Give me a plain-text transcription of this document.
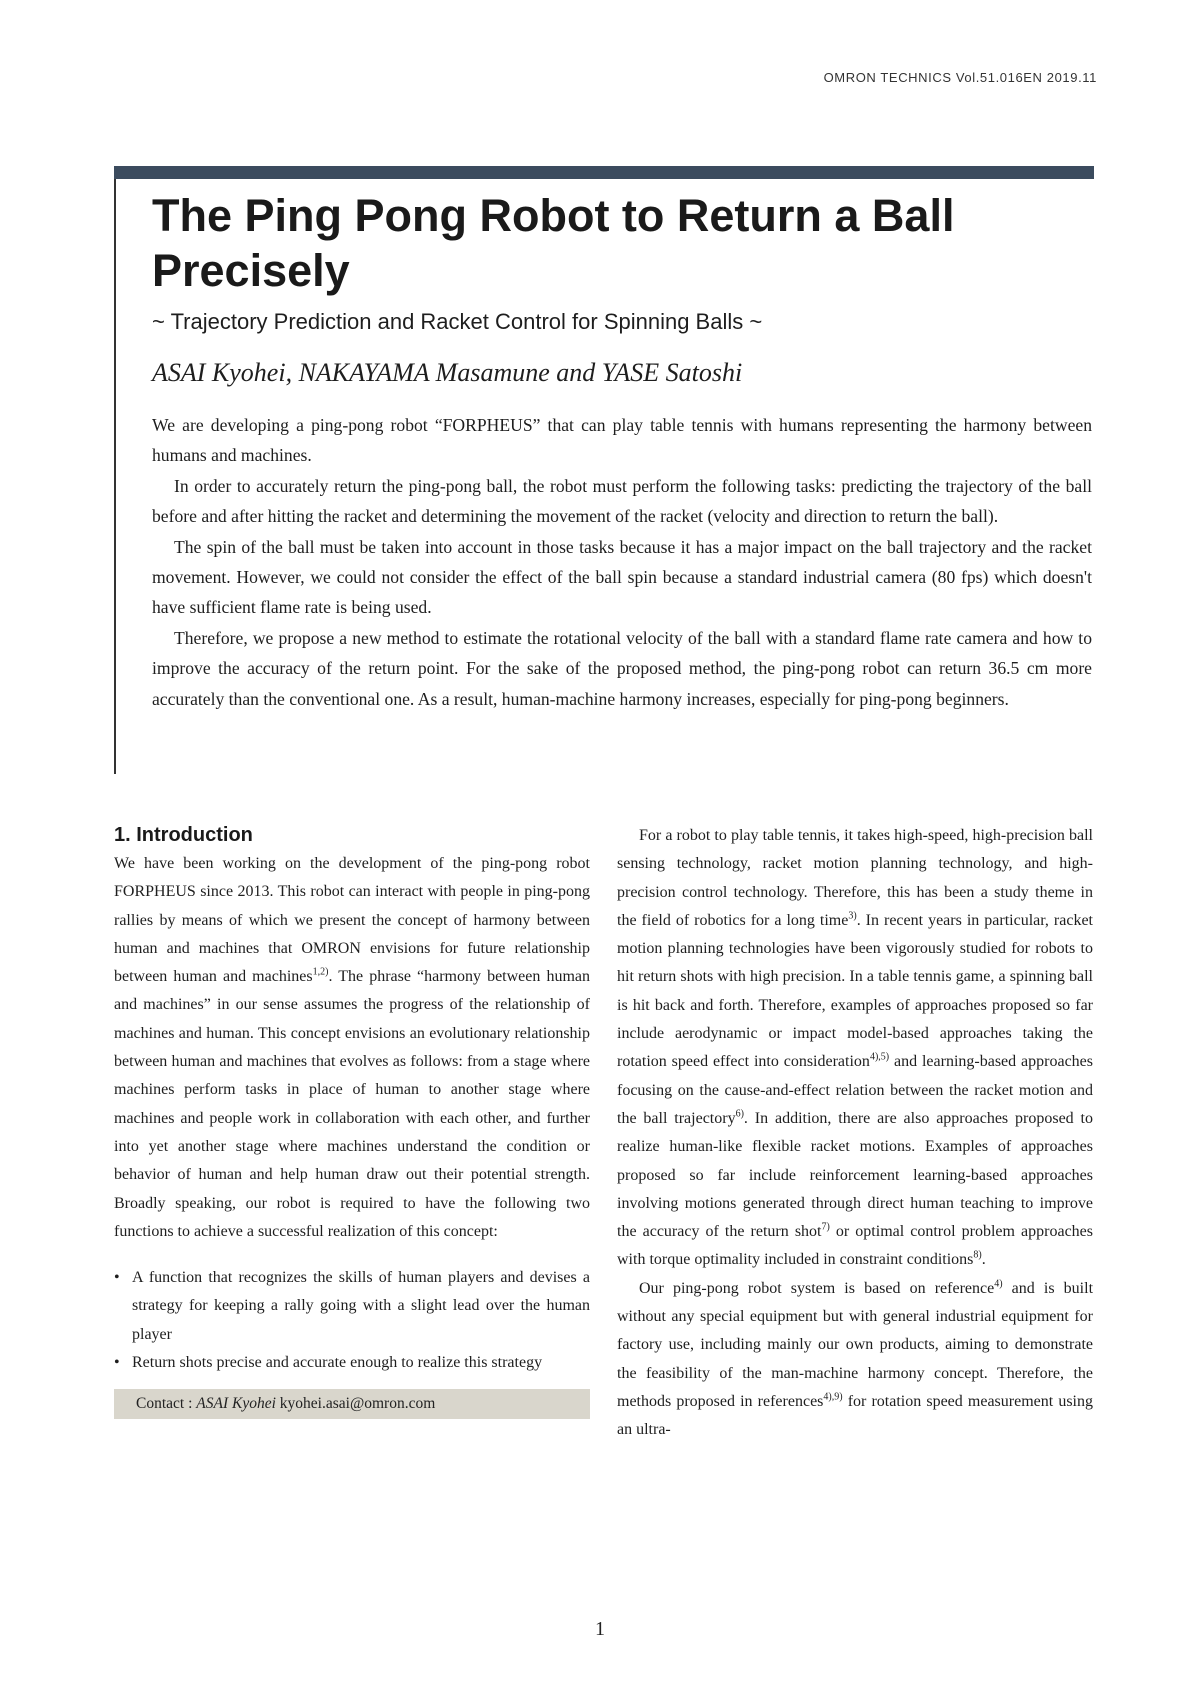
OMRON TECHNICS Vol.51.016EN 2019.11
The Ping Pong Robot to Return a Ball Precisely
~ Trajectory Prediction and Racket Control for Spinning Balls ~
ASAI Kyohei, NAKAYAMA Masamune and YASE Satoshi

We are developing a ping-pong robot “FORPHEUS” that can play table tennis with humans representing the harmony between humans and machines.

In order to accurately return the ping-pong ball, the robot must perform the following tasks: predicting the trajectory of the ball before and after hitting the racket and determining the movement of the racket (velocity and direction to return the ball).

The spin of the ball must be taken into account in those tasks because it has a major impact on the ball trajectory and the racket movement. However, we could not consider the effect of the ball spin because a standard industrial camera (80 fps) which doesn't have sufficient flame rate is being used.

Therefore, we propose a new method to estimate the rotational velocity of the ball with a standard flame rate camera and how to improve the accuracy of the return point. For the sake of the proposed method, the ping-pong robot can return 36.5 cm more accurately than the conventional one. As a result, human-machine harmony increases, especially for ping-pong beginners.

1. Introduction

We have been working on the development of the ping-pong robot FORPHEUS since 2013. This robot can interact with people in ping-pong rallies by means of which we present the concept of harmony between human and machines that OMRON envisions for future relationship between human and machines$^{1,2)}$. The phrase “harmony between human and machines” in our sense assumes the progress of the relationship of machines and human. This concept envisions an evolutionary relationship between human and machines that evolves as follows: from a stage where machines perform tasks in place of human to another stage where machines and people work in collaboration with each other, and further into yet another stage where machines understand the condition or behavior of human and help human draw out their potential strength. Broadly speaking, our robot is required to have the following two functions to achieve a successful realization of this concept:

• A function that recognizes the skills of human players and devises a strategy for keeping a rally going with a slight lead over the human player
• Return shots precise and accurate enough to realize this strategy
Contact : ASAI Kyohei kyohei.asai@omron.com

For a robot to play table tennis, it takes high-speed, high-precision ball sensing technology, racket motion planning technology, and high-precision control technology. Therefore, this has been a study theme in the field of robotics for a long time$^{3)}$. In recent years in particular, racket motion planning technologies have been vigorously studied for robots to hit return shots with high precision. In a table tennis game, a spinning ball is hit back and forth. Therefore, examples of approaches proposed so far include aerodynamic or impact model-based approaches taking the rotation speed effect into consideration$^{4),5)}$ and learning-based approaches focusing on the cause-and-effect relation between the racket motion and the ball trajectory$^{6)}$. In addition, there are also approaches proposed to realize human-like flexible racket motions. Examples of approaches proposed so far include reinforcement learning-based approaches involving motions generated through direct human teaching to improve the accuracy of the return shot$^{7)}$ or optimal control problem approaches with torque optimality included in constraint conditions$^{8)}$.

Our ping-pong robot system is based on reference$^{4)}$ and is built without any special equipment but with general industrial equipment for factory use, including mainly our own products, aiming to demonstrate the feasibility of the man-machine harmony concept. Therefore, the methods proposed in references$^{4),9)}$ for rotation speed measurement using an ultra-

1
